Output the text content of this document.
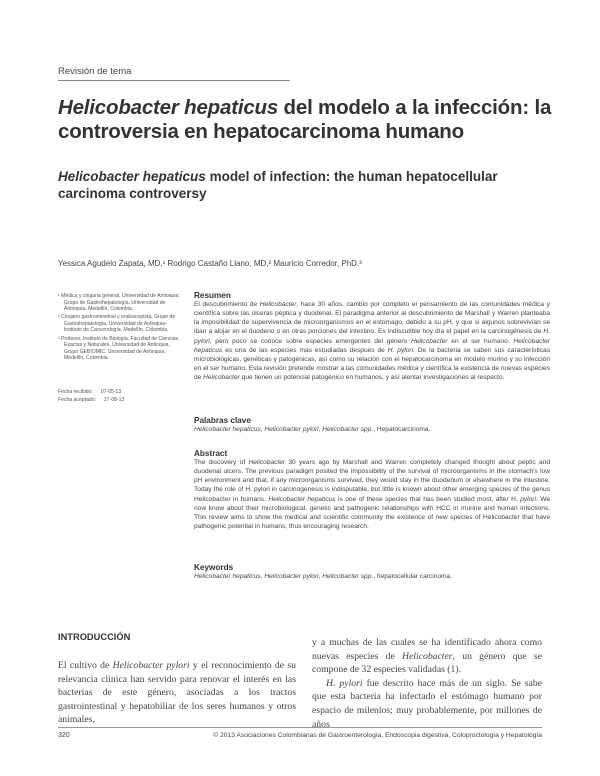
Revisión de tema
Helicobacter hepaticus del modelo a la infección: la controversia en hepatocarcinoma humano
Helicobacter hepaticus model of infection: the human hepatocellular carcinoma controversy
Yessica Agudelo Zapata, MD,¹ Rodrigo Castaño Llano, MD,² Mauricio Corredor, PhD.³

¹ Médica y cirujana general, Universidad de Antioquia; Grupo de Gastrohepatología, Universidad de Antioquia. Medellín, Colombia.

² Cirujano gastrointestinal y endoscopista, Grupo de Gastrohepatología, Universidad de Antioquia-Instituto de Cancerología. Medellín, Colombia.

³ Profesor, Instituto de Biología, Facultad de Ciencias Exactas y Naturales, Universidad de Antioquia, Grupo GEBIOMIC, Universidad de Antioquia. Medellín, Colombia.

Fecha recibido: 07-05-13
Fecha aceptado: 27-08-13
Resumen
El descubrimiento de Helicobacter, hace 30 años, cambió por completo el pensamiento de las comunidades médica y científica sobre las úlceras péptica y duodenal. El paradigma anterior al descubrimiento de Marshall y Warren planteaba la imposibilidad de supervivencia de microorganismos en el estómago, debido a su pH, y que si algunos sobrevivían se iban a alojar en el duodeno o en otras porciones del intestino. Es indiscutible hoy día el papel en la carcinogénesis de H. pylori, pero poco se conoce sobre especies emergentes del género Helicobacter en el ser humano. Helicobacter hepaticus es una de las especies más estudiadas después de H. pylori. De la bacteria se saben sus características microbiológicas, genéticas y patogénicas, así como su relación con el hepatocarcinoma en modelo murino y su infección en el ser humano. Esta revisión pretende mostrar a las comunidades médica y científica la existencia de nuevas especies de Helicobacter que tienen un potencial patogénico en humanos, y así alentar investigaciones al respecto.
Palabras clave
Helicobacter hepaticus, Helicobacter pylori, Helicobacter spp., Hepatocarcinoma.
Abstract
The discovery of Helicobacter 30 years ago by Marshall and Warren completely changed thought about peptic and duodenal ulcers. The previous paradigm posited the impossibility of the survival of microorganisms in the stomach's low pH environment and that, if any microorganisms survived, they would stay in the duodenum or elsewhere in the intestine. Today the role of H. pylori in carcinogenesis is indisputable, but little is known about other emerging species of the genus Helicobacter in humans. Helicobacter hepaticus is one of these species that has been studied most, after H. pylori. We now know about their microbiological, genetic and pathogenic relationships with HCC in murine and human infections. This review aims to show the medical and scientific community the existence of new species of Helicobacter that have pathogenic potential in humans, thus encouraging research.
Keywords
Helicobacter hepaticus, Helicobacter pylori, Helicobacter spp., hepatocellular carcinoma.
INTRODUCCIÓN
El cultivo de Helicobacter pylori y el reconocimiento de su relevancia clínica han servido para renovar el interés en las bacterias de este género, asociadas a los tractos gastrointestinal y hepatobiliar de los seres humanos y otros animales,
y a muchas de las cuales se ha identificado ahora como nuevas especies de Helicobacter, un género que se compone de 32 especies validadas (1).
H. pylori fue descrito hace más de un siglo. Se sabe que esta bacteria ha infectado el estómago humano por espacio de milenios; muy probablemente, por millones de años
320	© 2013 Asociaciones Colombianas de Gastroenterología, Endoscopia digestiva, Coloproctología y Hepatología
